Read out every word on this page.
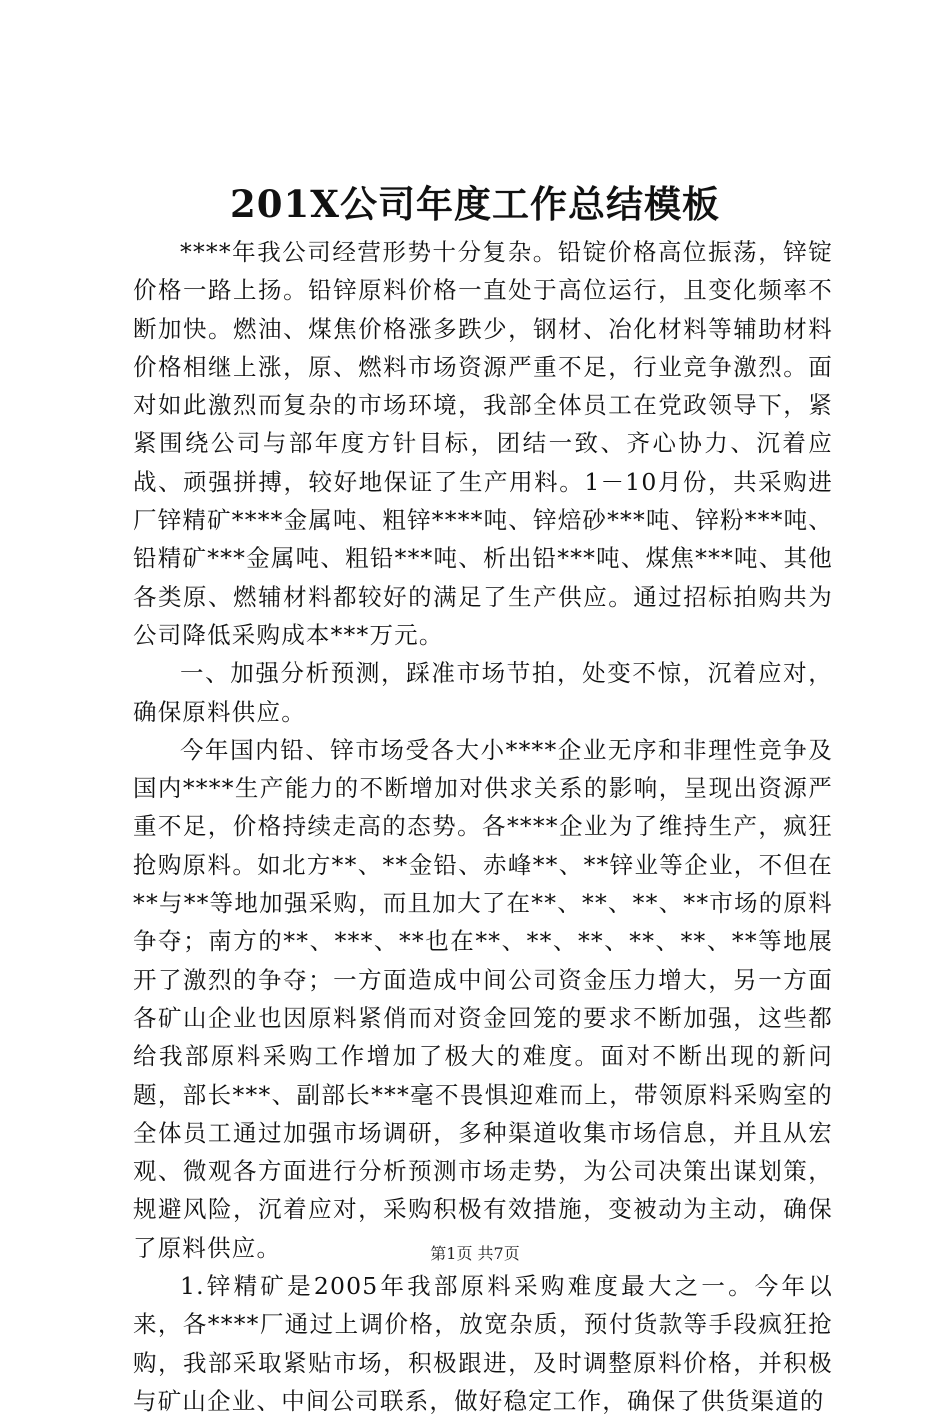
201X公司年度工作总结模板

****年我公司经营形势十分复杂。铅锭价格高位振荡，锌锭价格一路上扬。铅锌原料价格一直处于高位运行，且变化频率不断加快。燃油、煤焦价格涨多跌少，钢材、冶化材料等辅助材料价格相继上涨，原、燃料市场资源严重不足，行业竞争激烈。面对如此激烈而复杂的市场环境，我部全体员工在党政领导下，紧紧围绕公司与部年度方针目标，团结一致、齐心协力、沉着应战、顽强拼搏，较好地保证了生产用料。1－10月份，共采购进厂锌精矿****金属吨、粗锌****吨、锌焙砂***吨、锌粉***吨、铅精矿***金属吨、粗铅***吨、析出铅***吨、煤焦***吨、其他各类原、燃辅材料都较好的满足了生产供应。通过招标拍购共为公司降低采购成本***万元。

一、加强分析预测，踩准市场节拍，处变不惊，沉着应对，确保原料供应。

今年国内铅、锌市场受各大小****企业无序和非理性竞争及国内****生产能力的不断增加对供求关系的影响，呈现出资源严重不足，价格持续走高的态势。各****企业为了维持生产，疯狂抢购原料。如北方**、**金铅、赤峰**、**锌业等企业，不但在**与**等地加强采购，而且加大了在**、**、**、**市场的原料争夺；南方的**、***、**也在**、**、**、**、**、**等地展开了激烈的争夺；一方面造成中间公司资金压力增大，另一方面各矿山企业也因原料紧俏而对资金回笼的要求不断加强，这些都给我部原料采购工作增加了极大的难度。面对不断出现的新问题，部长***、副部长***毫不畏惧迎难而上，带领原料采购室的全体员工通过加强市场调研，多种渠道收集市场信息，并且从宏观、微观各方面进行分析预测市场走势，为公司决策出谋划策，规避风险，沉着应对，采购积极有效措施，变被动为主动，确保了原料供应。

1.锌精矿是2005年我部原料采购难度最大之一。今年以来，各****厂通过上调价格，放宽杂质，预付货款等手段疯狂抢购，我部采取紧贴市场，积极跟进，及时调整原料价格，并积极与矿山企业、中间公司联系，做好稳定工作，确保了供货渠道的

第1页 共7页
